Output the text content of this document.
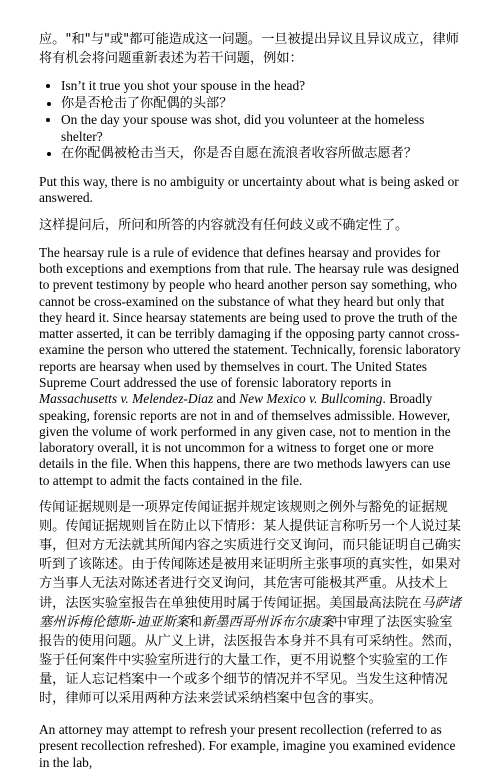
应。"和"与"或"都可能造成这一问题。一旦被提出异议且异议成立，律师将有机会将问题重新表述为若干问题，例如：

• Isn’t it true you shot your spouse in the head?
• 你是否枪击了你配偶的头部？
• On the day your spouse was shot, did you volunteer at the homeless shelter?
• 在你配偶被枪击当天，你是否自愿在流浪者收容所做志愿者？

Put this way, there is no ambiguity or uncertainty about what is being asked or answered.

这样提问后，所问和所答的内容就没有任何歧义或不确定性了。

The hearsay rule is a rule of evidence that defines hearsay and provides for both exceptions and exemptions from that rule. The hearsay rule was designed to prevent testimony by people who heard another person say something, who cannot be cross-examined on the substance of what they heard but only that they heard it. Since hearsay statements are being used to prove the truth of the matter asserted, it can be terribly damaging if the opposing party cannot cross-examine the person who uttered the statement. Technically, forensic laboratory reports are hearsay when used by themselves in court. The United States Supreme Court addressed the use of forensic laboratory reports in Massachusetts v. Melendez-Diaz and New Mexico v. Bullcoming. Broadly speaking, forensic reports are not in and of themselves admissible. However, given the volume of work performed in any given case, not to mention in the laboratory overall, it is not uncommon for a witness to forget one or more details in the file. When this happens, there are two methods lawyers can use to attempt to admit the facts contained in the file.

传闻证据规则是一项界定传闻证据并规定该规则之例外与豁免的证据规则。传闻证据规则旨在防止以下情形：某人提供证言称听另一个人说过某事，但对方无法就其所闻内容之实质进行交叉询问，而只能证明自己确实听到了该陈述。由于传闻陈述是被用来证明所主张事项的真实性，如果对方当事人无法对陈述者进行交叉询问，其危害可能极其严重。从技术上讲，法医实验室报告在单独使用时属于传闻证据。美国最高法院在马萨诸塞州诉梅伦德斯-迪亚斯案和新墨西哥州诉布尔康案中审理了法医实验室报告的使用问题。从广义上讲，法医报告本身并不具有可采纳性。然而，鉴于任何案件中实验室所进行的大量工作，更不用说整个实验室的工作量，证人忘记档案中一个或多个细节的情况并不罕见。当发生这种情况时，律师可以采用两种方法来尝试采纳档案中包含的事实。

An attorney may attempt to refresh your present recollection (referred to as present recollection refreshed). For example, imagine you examined evidence in the lab,
